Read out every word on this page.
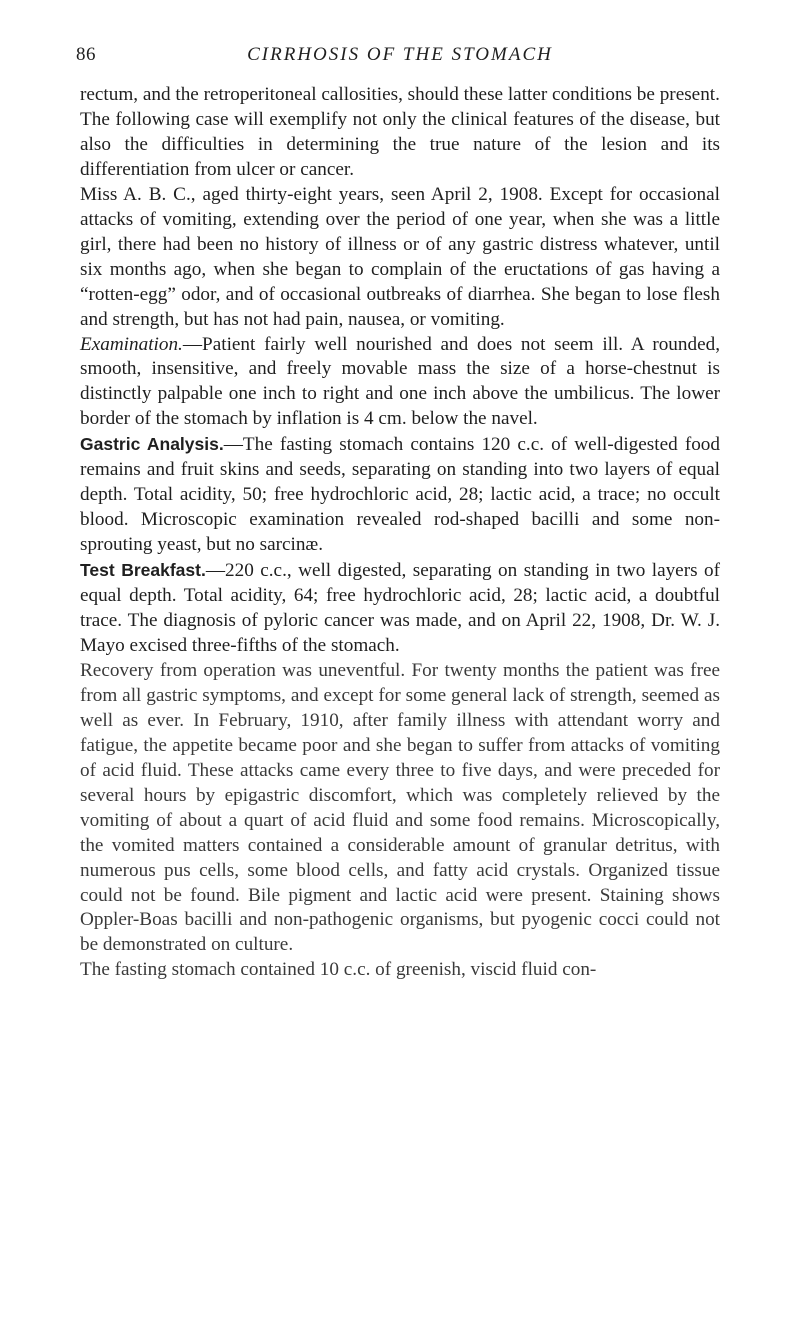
86	CIRRHOSIS OF THE STOMACH

rectum, and the retroperitoneal callosities, should these latter conditions be present.

The following case will exemplify not only the clinical features of the disease, but also the difficulties in determining the true nature of the lesion and its differentiation from ulcer or cancer.

Miss A. B. C., aged thirty-eight years, seen April 2, 1908. Except for occasional attacks of vomiting, extending over the period of one year, when she was a little girl, there had been no history of illness or of any gastric distress whatever, until six months ago, when she began to complain of the eructations of gas having a “rotten-egg” odor, and of occasional outbreaks of diarrhea. She began to lose flesh and strength, but has not had pain, nausea, or vomiting.

Examination.—Patient fairly well nourished and does not seem ill. A rounded, smooth, insensitive, and freely movable mass the size of a horse-chestnut is distinctly palpable one inch to right and one inch above the umbilicus. The lower border of the stomach by inflation is 4 cm. below the navel.

Gastric Analysis.—The fasting stomach contains 120 c.c. of well-digested food remains and fruit skins and seeds, separating on standing into two layers of equal depth. Total acidity, 50; free hydrochloric acid, 28; lactic acid, a trace; no occult blood. Microscopic examination revealed rod-shaped bacilli and some non-sprouting yeast, but no sarcinæ.

Test Breakfast.—220 c.c., well digested, separating on standing in two layers of equal depth. Total acidity, 64; free hydrochloric acid, 28; lactic acid, a doubtful trace. The diagnosis of pyloric cancer was made, and on April 22, 1908, Dr. W. J. Mayo excised three-fifths of the stomach.

Recovery from operation was uneventful. For twenty months the patient was free from all gastric symptoms, and except for some general lack of strength, seemed as well as ever. In February, 1910, after family illness with attendant worry and fatigue, the appetite became poor and she began to suffer from attacks of vomiting of acid fluid. These attacks came every three to five days, and were preceded for several hours by epigastric discomfort, which was completely relieved by the vomiting of about a quart of acid fluid and some food remains. Microscopically, the vomited matters contained a considerable amount of granular detritus, with numerous pus cells, some blood cells, and fatty acid crystals. Organized tissue could not be found. Bile pigment and lactic acid were present. Staining shows Oppler-Boas bacilli and non-pathogenic organisms, but pyogenic cocci could not be demonstrated on culture.

The fasting stomach contained 10 c.c. of greenish, viscid fluid con-
